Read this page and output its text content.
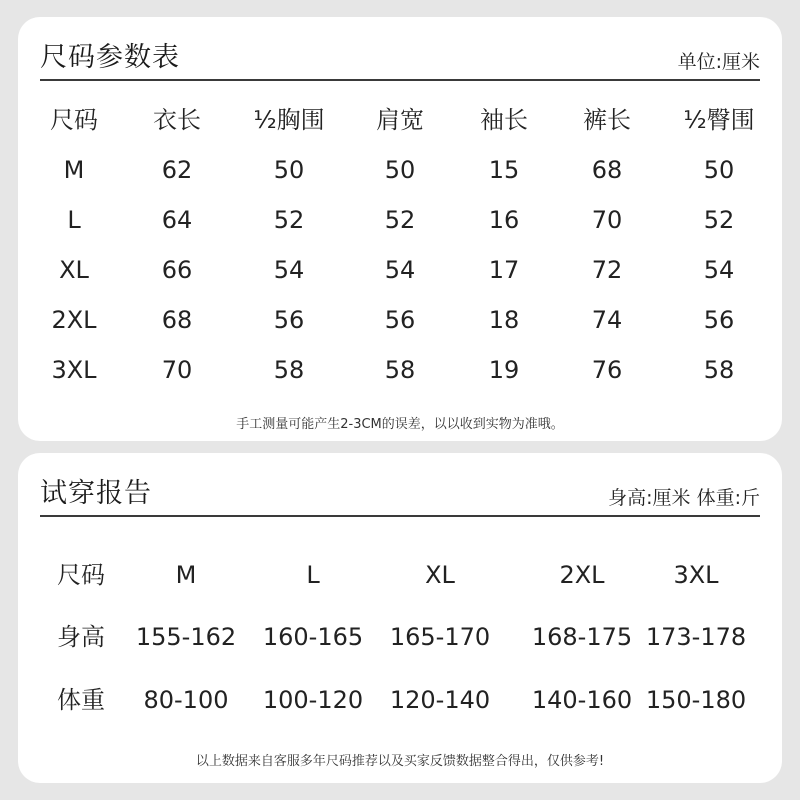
尺码参数表	单位:厘米
尺码	衣长	½胸围	肩宽	袖长	裤长	½臀围
M	62	50	50	15	68	50
L	64	52	52	16	70	52
XL	66	54	54	17	72	54
2XL	68	56	56	18	74	56
3XL	70	58	58	19	76	58
手工测量可能产生2-3CM的误差，以以收到实物为准哦。
试穿报告	身高:厘米 体重:斤
尺码	M	L	XL	2XL	3XL
身高	155-162	160-165	165-170	168-175 173-178
体重	80-100	100-120	120-140	140-160 150-180
以上数据来自客服多年尺码推荐以及买家反馈数据整合得出，仅供参考!
